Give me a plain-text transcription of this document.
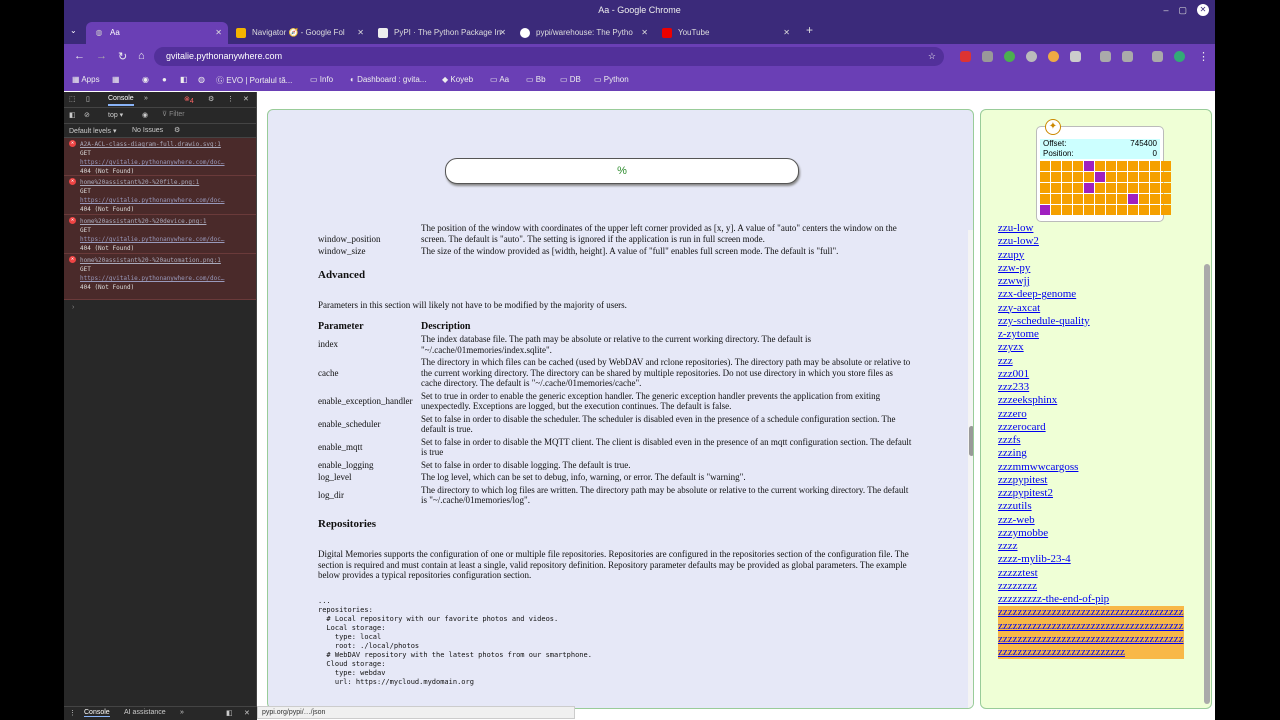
Aa - Google Chrome	– ▢	✕
⌄ ◍ Aa	✕	Navigator 🧭 - Google Fol ✕	PyPI · The Python Package In
✕	pypi/warehouse: The Pytho ✕	YouTube	✕ +
← → ↻ ⌂	gvitalie.pythonanywhere.com	☆	⋮
▦ Apps ▦	◉ ● ◧ ◍ Ⓖ EVO | Portalul tă... ▭ Info ◐ Dashboard : gvita... ◆ Koyeb ▭ Aa ▭ Bb ▭ DB ▭ Python
⬚ ▯	Console »	⊗ 4 ⚙ ⋮ ✕
◧ ⊘	top ▾	◉ ⊽ Filter
Default levels ▾ No Issues ⚙
✕	A2A-ACL-class-diagram-full.drawio.svg:1
GET
https://gvitalie.pythonanywhere.com/doc…
404 (Not Found)
✕	home%20assistant%20-%20file.png:1
GET
https://gvitalie.pythonanywhere.com/doc…
404 (Not Found)
✕	home%20assistant%20-%20device.png:1
GET
https://gvitalie.pythonanywhere.com/doc…
404 (Not Found)
✕	home%20assistant%20-%20automation.png:1
GET
https://gvitalie.pythonanywhere.com/doc…
404 (Not Found)
›
⋮ Console AI assistance »	◧ ✕
%
window_position	The position of the window with coordinates of the upper left corner provided as [x, y]. A value of "auto" centers the window on the screen. The default is "auto". The setting is ignored if the application is run in full screen mode.
window_size	The size of the window provided as [width, height]. A value of "full" enables full screen mode. The default is "full".
Advanced
Parameters in this section will likely not have to be modified by the majority of users.
Parameter	Description
index	The index database file. The path may be absolute or relative to the current working directory. The default is "~/.cache/01memories/index.sqlite".
cache	The directory in which files can be cached (used by WebDAV and rclone repositories). The directory path may be absolute or relative to the current working directory. The directory can be shared by multiple repositories. Do not use directory in which you store files as cache directory. The default is "~/.cache/01memories/cache".
enable_exception_handler	Set to true in order to enable the generic exception handler. The generic exception handler prevents the application from exiting unexpectedly. Exceptions are logged, but the execution continues. The default is false.
enable_scheduler	Set to false in order to disable the scheduler. The scheduler is disabled even in the presence of a schedule configuration section. The default is true.
enable_mqtt	Set to false in order to disable the MQTT client. The client is disabled even in the presence of an mqtt configuration section. The default is true
enable_logging	Set to false in order to disable logging. The default is true.
log_level	The log level, which can be set to debug, info, warning, or error. The default is "warning".
log_dir	The directory to which log files are written. The directory path may be absolute or relative to the current working directory. The default is "~/.cache/01memories/log".
Repositories
Digital Memories supports the configuration of one or multiple file repositories. Repositories are configured in the repositories section of the configuration file. The section is required and must contain at least a single, valid repository definition. Repository parameter defaults may be provided as global parameters. The example below provides a typical repositories configuration section.
...
repositories:
# Local repository with our favorite photos and videos.
Local storage:
type: local
root: ./local/photos
# WebDAV repository with the latest photos from our smartphone.
Cloud storage:
type: webdav
url: https://mycloud.mydomain.org
✦
Offset:	745400
Position:	0
zzu-low
zzu-low2
zzupy
zzw-py
zzwwjj
zzx-deep-genome
zzy-axcat
zzy-schedule-quality
z-zytome
zzyzx
zzz
zzz001
zzz233
zzzeeksphinx
zzzero
zzzerocard
zzzfs
zzzing
zzzmmwwcargoss
zzzpypitest
zzzpypitest2
zzzutils
zzz-web
zzzymobbe
zzzz
zzzz-mylib-23-4
zzzzztest
zzzzzzzz
zzzzzzzzz-the-end-of-pip
zzzzzzzzzzzzzzzzzzzzzzzzzzzzzzzzzzzzzzzzzzzzzzzzzzzzzzzzzzzzzzzzzzzzzzzzzzzzzzzzzzzzzzzzzzzzzzzzzzzzzzzzzzzzzzzzzzzzzzzzzzzzzzzzzzzzzzzzzzzz
pypi.org/pypi/…/json
